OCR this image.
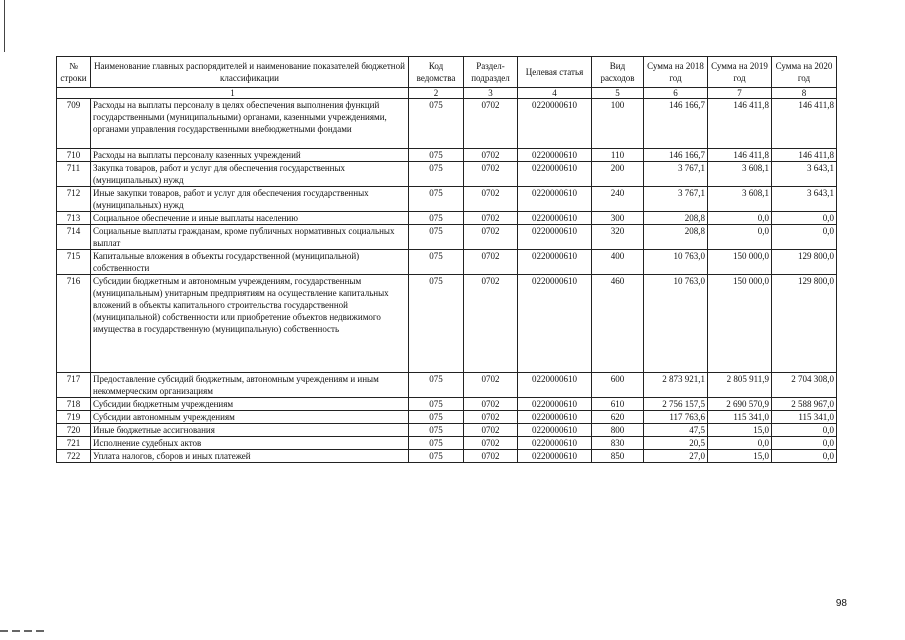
№ строки	Наименование главных распорядителей и наименование показателей бюджетной классификации	Код ведомства	Раздел-подраздел	Целевая статья	Вид расходов	Сумма на 2018 год	Сумма на 2019 год	Сумма на 2020 год
1		2	3	4	5	6	7	8
709	Расходы на выплаты персоналу в целях обеспечения выполнения функций государственными (муниципальными) органами, казенными учреждениями, органами управления государственными внебюджетными фондами	075	0702	0220000610	100	146 166,7	146 411,8	146 411,8
710	Расходы на выплаты персоналу казенных учреждений	075	0702	0220000610	110	146 166,7	146 411,8	146 411,8
711	Закупка товаров, работ и услуг для обеспечения государственных (муниципальных) нужд	075	0702	0220000610	200	3 767,1	3 608,1	3 643,1
712	Иные закупки товаров, работ и услуг для обеспечения государственных (муниципальных) нужд	075	0702	0220000610	240	3 767,1	3 608,1	3 643,1
713	Социальное обеспечение и иные выплаты населению	075	0702	0220000610	300	208,8	0,0	0,0
714	Социальные выплаты гражданам, кроме публичных нормативных социальных выплат	075	0702	0220000610	320	208,8	0,0	0,0
715	Капитальные вложения в объекты государственной (муниципальной) собственности	075	0702	0220000610	400	10 763,0	150 000,0	129 800,0
716	Субсидии бюджетным и автономным учреждениям, государственным (муниципальным) унитарным предприятиям на осуществление капитальных вложений в объекты капитального строительства государственной (муниципальной) собственности или приобретение объектов недвижимого имущества в государственную (муниципальную) собственность	075	0702	0220000610	460	10 763,0	150 000,0	129 800,0
717	Предоставление субсидий бюджетным, автономным учреждениям и иным некоммерческим организациям	075	0702	0220000610	600	2 873 921,1	2 805 911,9	2 704 308,0
718	Субсидии бюджетным учреждениям	075	0702	0220000610	610	2 756 157,5	2 690 570,9	2 588 967,0
719	Субсидии автономным учреждениям	075	0702	0220000610	620	117 763,6	115 341,0	115 341,0
720	Иные бюджетные ассигнования	075	0702	0220000610	800	47,5	15,0	0,0
721	Исполнение судебных актов	075	0702	0220000610	830	20,5	0,0	0,0
722	Уплата налогов, сборов и иных платежей	075	0702	0220000610	850	27,0	15,0	0,0
98
